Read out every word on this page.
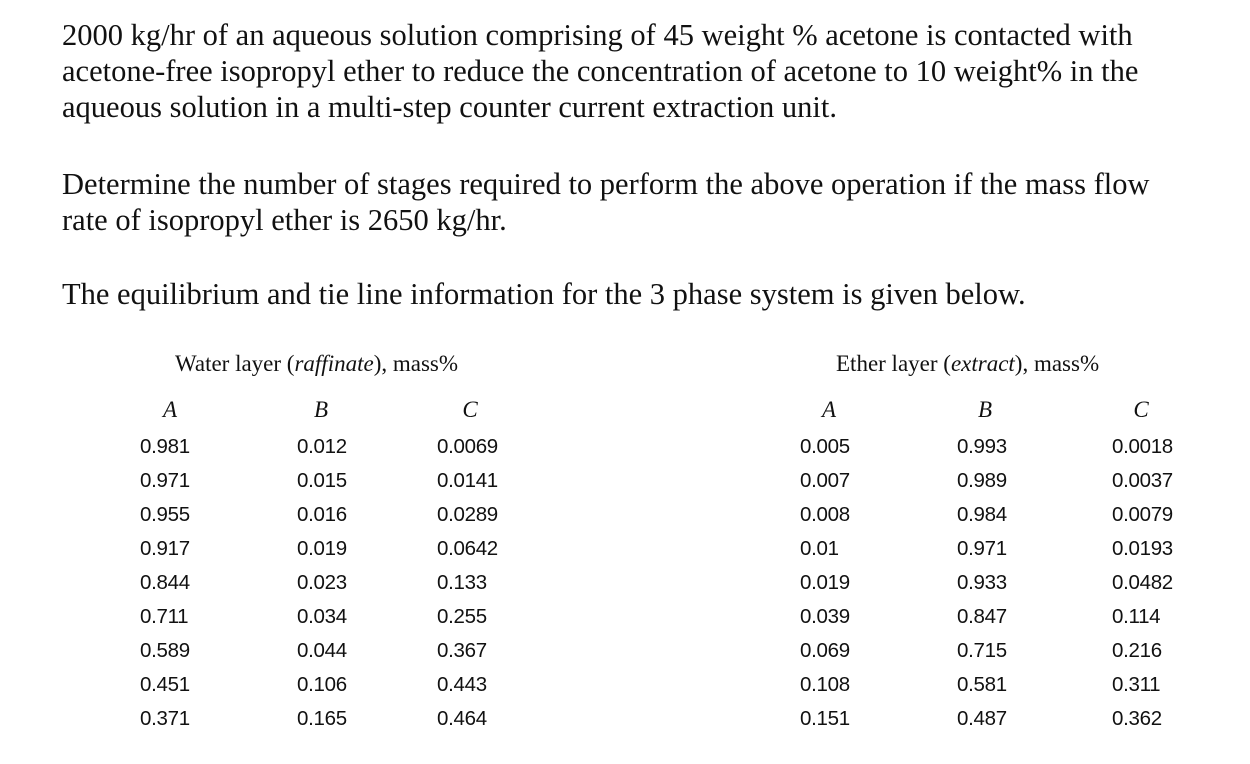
2000 kg/hr of an aqueous solution comprising of 45 weight % acetone is contacted with
acetone-free isopropyl ether to reduce the concentration of acetone to 10 weight% in the
aqueous solution in a multi-step counter current extraction unit.

Determine the number of stages required to perform the above operation if the mass flow
rate of isopropyl ether is 2650 kg/hr.

The equilibrium and tie line information for the 3 phase system is given below.

Water layer (raffinate), mass%	Ether layer (extract), mass%
A	B	C
0.981	0.012	0.0069
0.971	0.015	0.0141
0.955	0.016	0.0289
0.917	0.019	0.0642
0.844	0.023	0.133
0.711	0.034	0.255
0.589	0.044	0.367
0.451	0.106	0.443
0.371	0.165	0.464
A	B	C
0.005	0.993	0.0018
0.007	0.989	0.0037
0.008	0.984	0.0079
0.01	0.971	0.0193
0.019	0.933	0.0482
0.039	0.847	0.114
0.069	0.715	0.216
0.108	0.581	0.311
0.151	0.487	0.362
